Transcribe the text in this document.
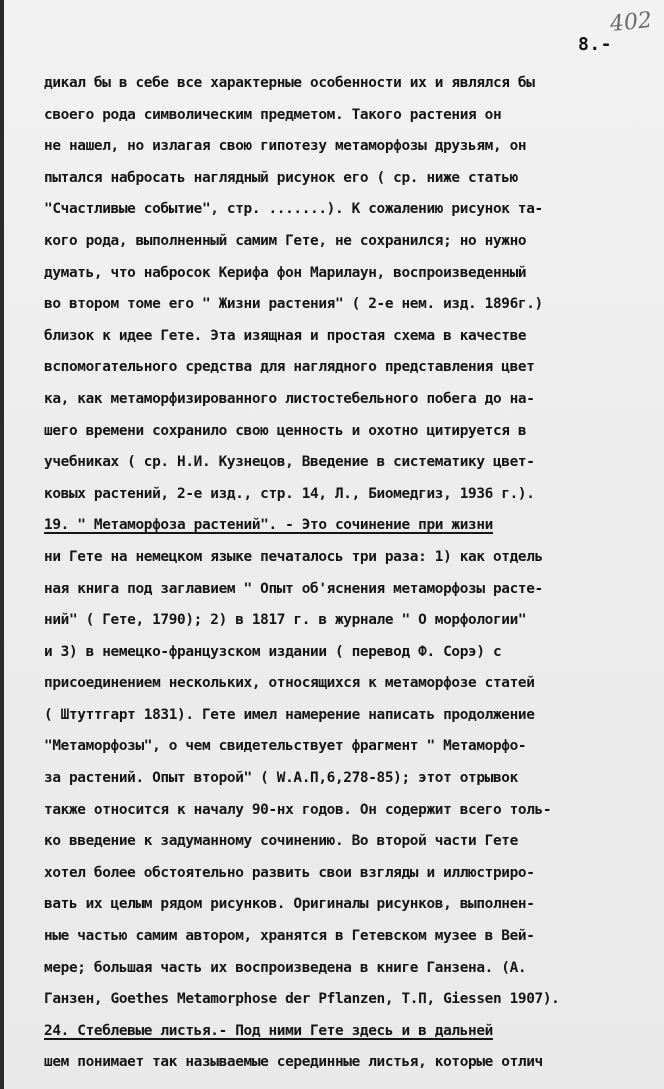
402
8.-
дикал бы в себе все характерные особенности их и являлся бы
своего рода символическим предметом. Такого растения он
не нашел, но излагая свою гипотезу метаморфозы друзьям, он
пытался набросать наглядный рисунок его ( ср. ниже статью
"Счастливые событие", стр. .......). К сожалению рисунок та-
кого рода, выполненный самим Гете, не сохранился; но нужно
думать, что набросок Керифа фон Марилаун, воспроизведенный
во втором томе его " Жизни растения" ( 2-е нем. изд. 1896г.)
близок к идее Гете. Эта изящная и простая схема в качестве
вспомогательного средства для наглядного представления цвет
ка, как метаморфизированного листостебельного побега до на-
шего времени сохранило свою ценность и охотно цитируется в
учебниках ( ср. Н.И. Кузнецов, Введение в систематику цвет-
ковых растений, 2-е изд., стр. 14, Л., Биомедгиз, 1936 г.).
19. " Метаморфоза растений". - Это сочинение при жизни
ни Гете на немецком языке печаталось три раза: 1) как отдель
ная книга под заглавием " Опыт об'яснения метаморфозы расте-
ний" ( Гете, 1790); 2) в 1817 г. в журнале " О морфологии"
и 3) в немецко-французском издании ( перевод Ф. Сорэ) с
присоединением нескольких, относящихся к метаморфозе статей
( Штуттгарт 1831). Гете имел намерение написать продолжение
"Метаморфозы", о чем свидетельствует фрагмент " Метаморфо-
за растений. Опыт второй" ( W.A.П,6,278-85); этот отрывок
также относится к началу 90-нх годов. Он содержит всего толь-
ко введение к задуманному сочинению. Во второй части Гете
хотел более обстоятельно развить свои взгляды и иллюстриро-
вать их целым рядом рисунков. Оригиналы рисунков, выполнен-
ные частью самим автором, хранятся в Гетевском музее в Вей-
мере; большая часть их воспроизведена в книге Ганзена. (А.
Ганзен, Goethes Metamorphose der Pflanzen, Т.П, Giessen 1907).
24. Стеблевые листья.- Под ними Гете здесь и в дальней
шем понимает так называемые серединные листья, которые отлич
